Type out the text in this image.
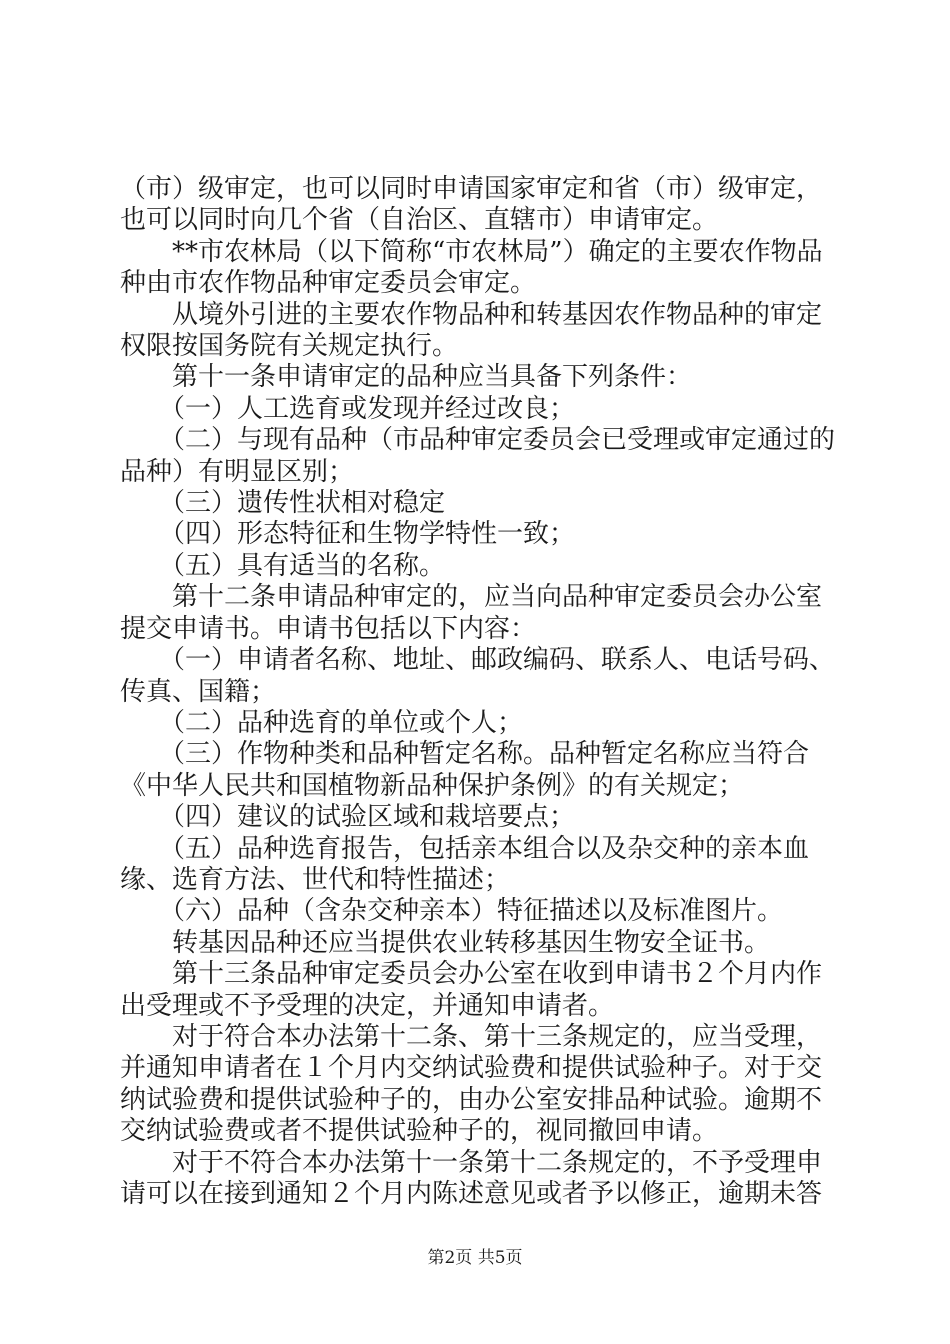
（市）级审定，也可以同时申请国家审定和省（市）级审定，也可以同时向几个省（自治区、直辖市）申请审定。

　　**市农林局（以下简称“市农林局”）确定的主要农作物品种由市农作物品种审定委员会审定。

　　从境外引进的主要农作物品种和转基因农作物品种的审定权限按国务院有关规定执行。

　　第十一条申请审定的品种应当具备下列条件：

　　（一）人工选育或发现并经过改良；

　　（二）与现有品种（市品种审定委员会已受理或审定通过的品种）有明显区别；

　　（三）遗传性状相对稳定

　　（四）形态特征和生物学特性一致；

　　（五）具有适当的名称。

　　第十二条申请品种审定的，应当向品种审定委员会办公室提交申请书。申请书包括以下内容：

　　（一）申请者名称、地址、邮政编码、联系人、电话号码、传真、国籍；

　　（二）品种选育的单位或个人；

　　（三）作物种类和品种暂定名称。品种暂定名称应当符合《中华人民共和国植物新品种保护条例》的有关规定；

　　（四）建议的试验区域和栽培要点；

　　（五）品种选育报告，包括亲本组合以及杂交种的亲本血缘、选育方法、世代和特性描述；

　　（六）品种（含杂交种亲本）特征描述以及标准图片。

　　转基因品种还应当提供农业转移基因生物安全证书。

　　第十三条品种审定委员会办公室在收到申请书２个月内作出受理或不予受理的决定，并通知申请者。

　　对于符合本办法第十二条、第十三条规定的，应当受理，并通知申请者在１个月内交纳试验费和提供试验种子。对于交纳试验费和提供试验种子的，由办公室安排品种试验。逾期不交纳试验费或者不提供试验种子的，视同撤回申请。

　　对于不符合本办法第十一条第十二条规定的，不予受理申请可以在接到通知２个月内陈述意见或者予以修正，逾期未答

第2页 共5页
